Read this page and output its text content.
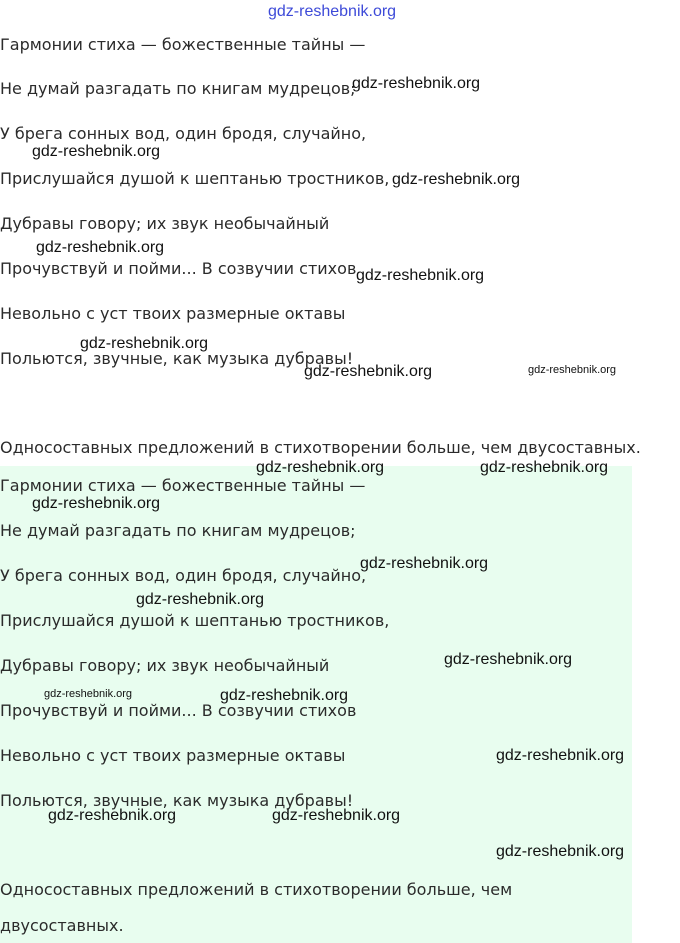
gdz-reshebnik.org
Гармонии стиха — божественные тайны —
Не думай разгадать по книгам мудрецов;
У брега сонных вод, один бродя, случайно,
Прислушайся душой к шептанью тростников,
Дубравы говору; их звук необычайный
Прочувствуй и пойми... В созвучии стихов
Невольно с уст твоих размерные октавы
Польются, звучные, как музыка дубравы!
Односоставных предложений в стихотворении больше, чем двусоставных.
Гармонии стиха — божественные тайны —
Не думай разгадать по книгам мудрецов;
У брега сонных вод, один бродя, случайно,
Прислушайся душой к шептанью тростников,
Дубравы говору; их звук необычайный
Прочувствуй и пойми... В созвучии стихов
Невольно с уст твоих размерные октавы
Польются, звучные, как музыка дубравы!
Односоставных предложений в стихотворении больше, чем
двусоставных.
gdz-reshebnik.org
gdz-reshebnik.org
gdz-reshebnik.org
gdz-reshebnik.org
gdz-reshebnik.org
gdz-reshebnik.org
gdz-reshebnik.org	gdz-reshebnik.org
gdz-reshebnik.org	gdz-reshebnik.org
gdz-reshebnik.org
gdz-reshebnik.org
gdz-reshebnik.org
gdz-reshebnik.org
gdz-reshebnik.org	gdz-reshebnik.org
gdz-reshebnik.org
gdz-reshebnik.org	gdz-reshebnik.org
gdz-reshebnik.org
